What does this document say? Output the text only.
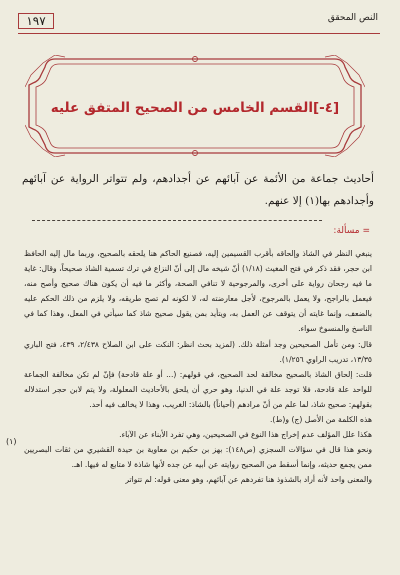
١٩٧	النص المحقق
[٤-]القسم الخامس من الصحيح المتفق عليه
أحاديث جماعة من الأئمة عن آبائهم عن أجدادهم، ولم تتواتر الرواية عن آبائهم وأجدادهم بها(١) إلا عنهم.
= مسألة:

ينبغي النظر في الشاذ وإلحاقه بأقرب القسيمين إليه، فصنيع الحاكم هنا يلحقه بالصحيح، وربما مال إليه الحافظ ابن حجر، فقد ذكر في فتح المغيث (١/١٨) أنّ شيخه مال إلى أنّ النزاع في ترك تسمية الشاذ صحيحاً، وقال: غاية ما فيه رجحان رواية على أخرى، والمرجوحية لا تنافي الصحة، وأكثر ما فيه أن يكون هناك صحيح وأصح منه، فيعمل بالراجح، ولا يعمل بالمرجوح، لأجل معارضته له، لا لكونه لم تصح طريقه، ولا يلزم من ذلك الحكم عليه بالضعف، وإنما غايته أن يتوقف عن العمل به، ويتأيد بمن يقول صحيح شاذ كما سيأتي في المعل، وهذا كما في الناسخ والمنسوخ سواء.

قال: ومن تأمل الصحيحين وجد أمثلة ذلك. (لمزيد بحث انظر: النكت على ابن الصلاح ٢/٤٣٨، ٤٣٩، فتح الباري ١٣/٣٥، تدريب الراوي ١/٢٥٦).

قلت: إلحاق الشاذ بالصحيح مخالفة لحد الصحيح، في قولهم: (... أو علة قادحة) فإنّ لم تكن مخالفة الجماعة للواحد علة قادحة، فلا توجد علة في الدنيا، وهو حري أن يلحق بالأحاديث المعلولة، ولا يتم لابن حجر استدلاله بقولهم: صحيح شاذ، لما علم من أنّ مرادهم (أحياناً) بالشاذ: الغريب، وهذا لا يخالف فيه أحد.

هذه الكلمة من الأصل (ج) و(ط).

هكذا علل المؤلف عدم إخراج هذا النوع في الصحيحين، وهي تفرد الأبناء عن الآباء.

ونحو هذا قال في سؤالات السجزي (ص١٤٨): بهز بن حكيم بن معاوية بن حيدة القشيري من ثقات البصريين ممن يجمع حديثه، وإنما أسقط من الصحيح روايته عن أبيه عن جده لأنها شاذة لا متابع له فيها. اهـ.

والمعنى واحد لأنه أراد بالشذوذ هنا تفردهم عن آبائهم، وهو معنى قوله: لم تتواتر

(١)
